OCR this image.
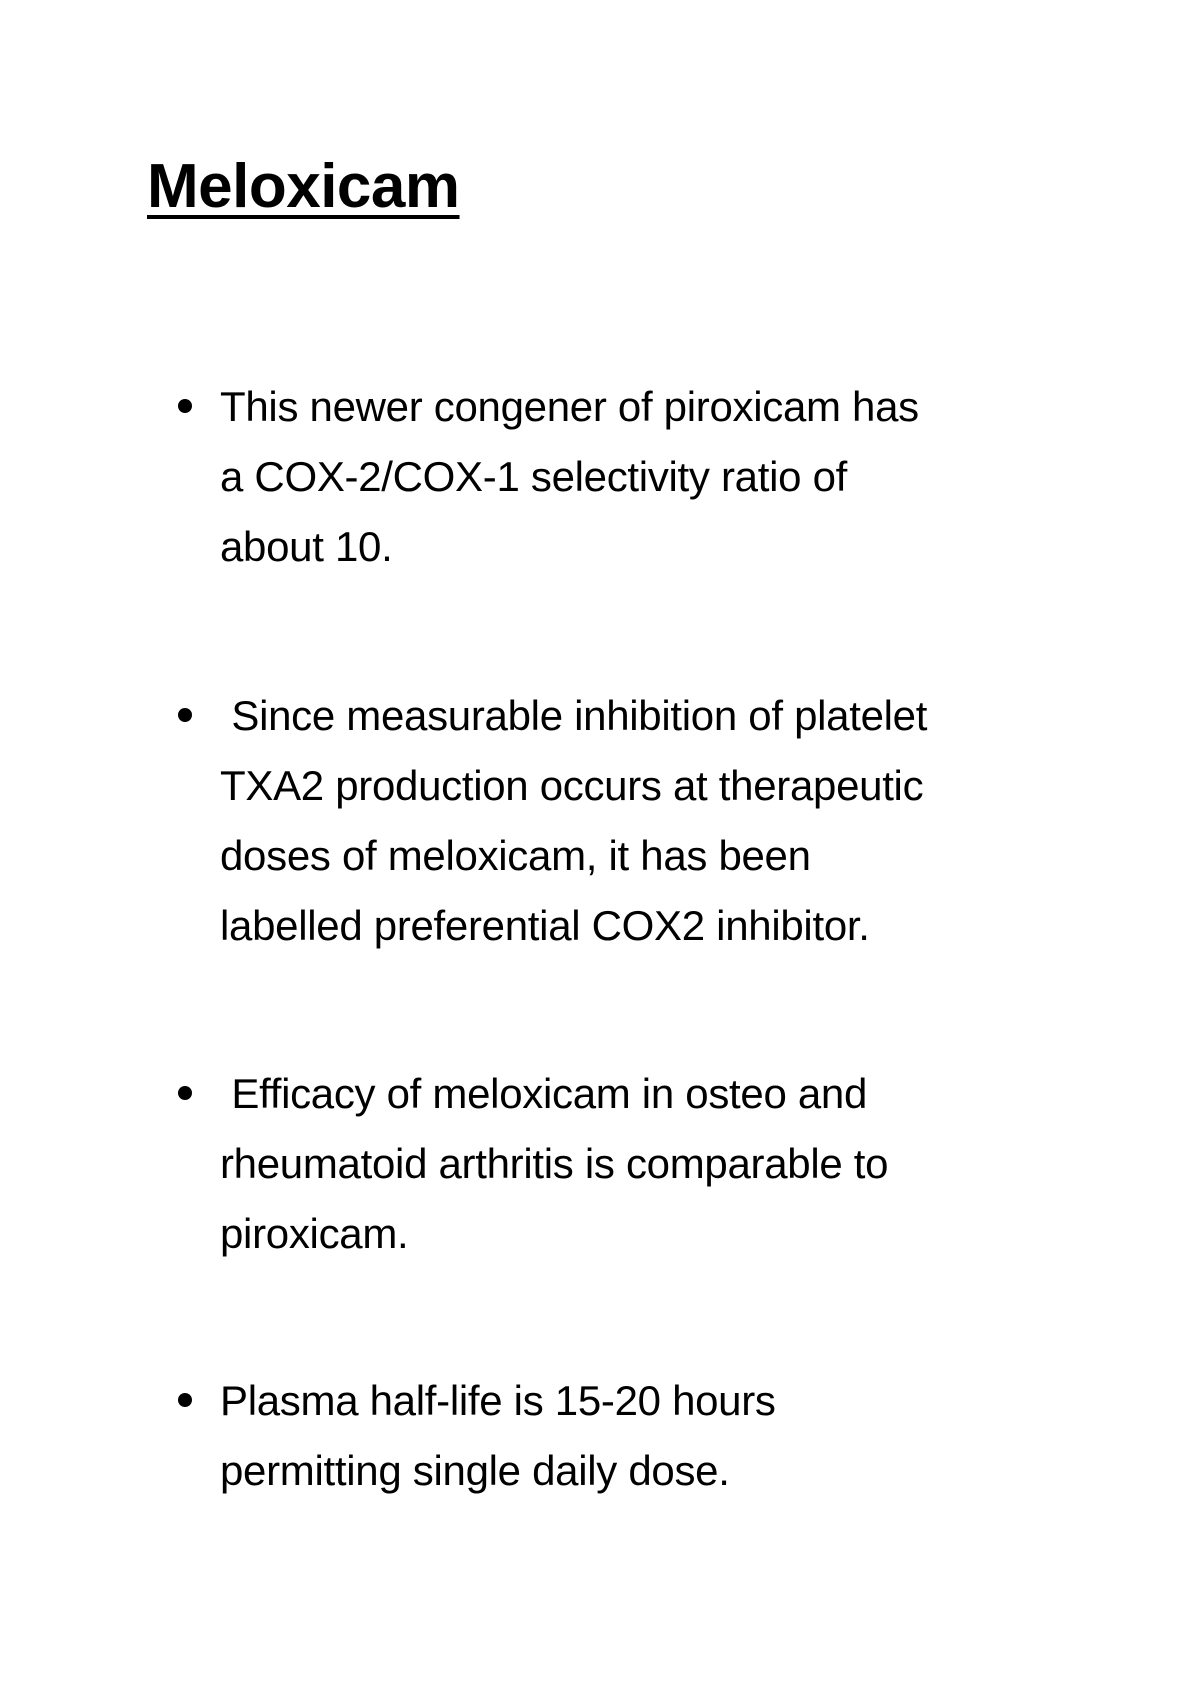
Meloxicam
This newer congener of piroxicam has
a COX-2/COX-1 selectivity ratio of
about 10.
Since measurable inhibition of platelet
TXA2 production occurs at therapeutic
doses of meloxicam, it has been
labelled preferential COX2 inhibitor.
Efficacy of meloxicam in osteo and
rheumatoid arthritis is comparable to
piroxicam.
Plasma half-life is 15-20 hours
permitting single daily dose.
